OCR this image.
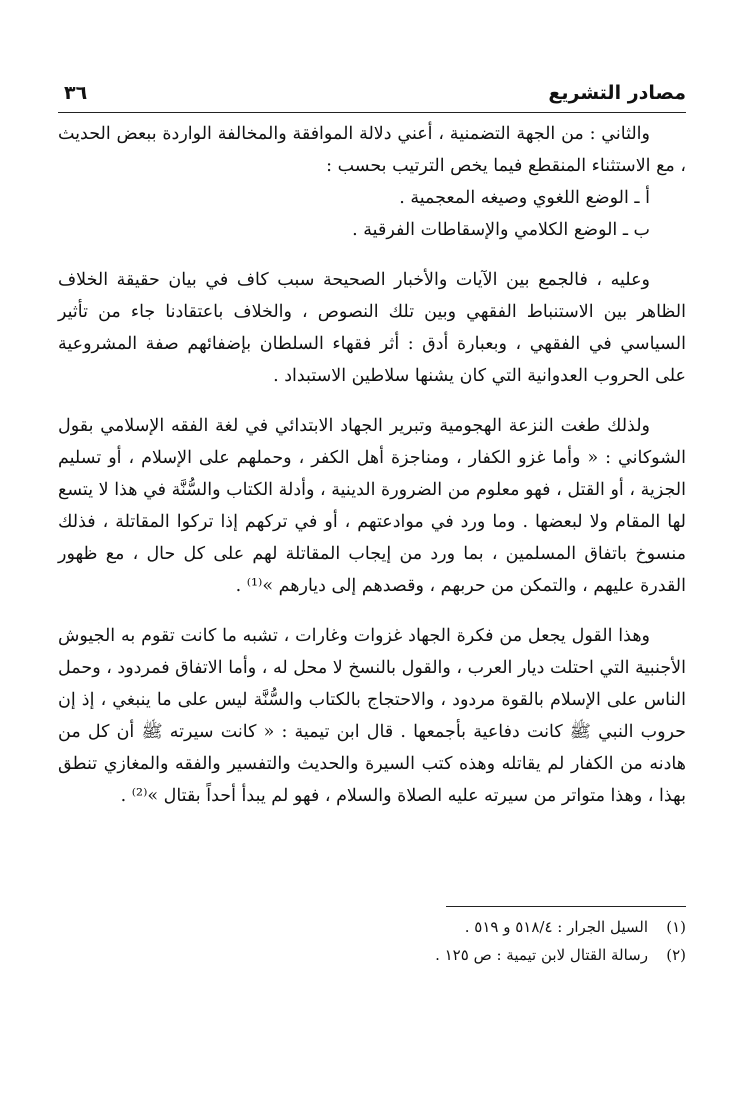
مصادر التشريع
٣٦

والثاني : من الجهة التضمنية ، أعني دلالة الموافقة والمخالفة الواردة ببعض الحديث ، مع الاستثناء المنقطع فيما يخص الترتيب بحسب :

أ ـ الوضع اللغوي وصيغه المعجمية .
ب ـ الوضع الكلامي والإسقاطات الفرقية .

وعليه ، فالجمع بين الآيات والأخبار الصحيحة سبب كاف في بيان حقيقة الخلاف الظاهر بين الاستنباط الفقهي وبين تلك النصوص ، والخلاف باعتقادنا جاء من تأثير السياسي في الفقهي ، وبعبارة أدق : أثر فقهاء السلطان بإضفائهم صفة المشروعية على الحروب العدوانية التي كان يشنها سلاطين الاستبداد .

ولذلك طغت النزعة الهجومية وتبرير الجهاد الابتدائي في لغة الفقه الإسلامي بقول الشوكاني : « وأما غزو الكفار ، ومناجزة أهل الكفر ، وحملهم على الإسلام ، أو تسليم الجزية ، أو القتل ، فهو معلوم من الضرورة الدينية ، وأدلة الكتاب والسُّنَّة في هذا لا يتسع لها المقام ولا لبعضها . وما ورد في موادعتهم ، أو في تركهم إذا تركوا المقاتلة ، فذلك منسوخ باتفاق المسلمين ، بما ورد من إيجاب المقاتلة لهم على كل حال ، مع ظهور القدرة عليهم ، والتمكن من حربهم ، وقصدهم إلى ديارهم »⁽¹⁾ .

وهذا القول يجعل من فكرة الجهاد غزوات وغارات ، تشبه ما كانت تقوم به الجيوش الأجنبية التي احتلت ديار العرب ، والقول بالنسخ لا محل له ، وأما الاتفاق فمردود ، وحمل الناس على الإسلام بالقوة مردود ، والاحتجاج بالكتاب والسُّنَّة ليس على ما ينبغي ، إذ إن حروب النبي ﷺ كانت دفاعية بأجمعها . قال ابن تيمية : « كانت سيرته ﷺ أن كل من هادنه من الكفار لم يقاتله وهذه كتب السيرة والحديث والتفسير والفقه والمغازي تنطق بهذا ، وهذا متواتر من سيرته عليه الصلاة والسلام ، فهو لم يبدأ أحداً بقتال »⁽²⁾ .

(١)
السيل الجرار : ٥١٨/٤ و ٥١٩ .
(٢)
رسالة القتال لابن تيمية : ص ١٢٥ .
